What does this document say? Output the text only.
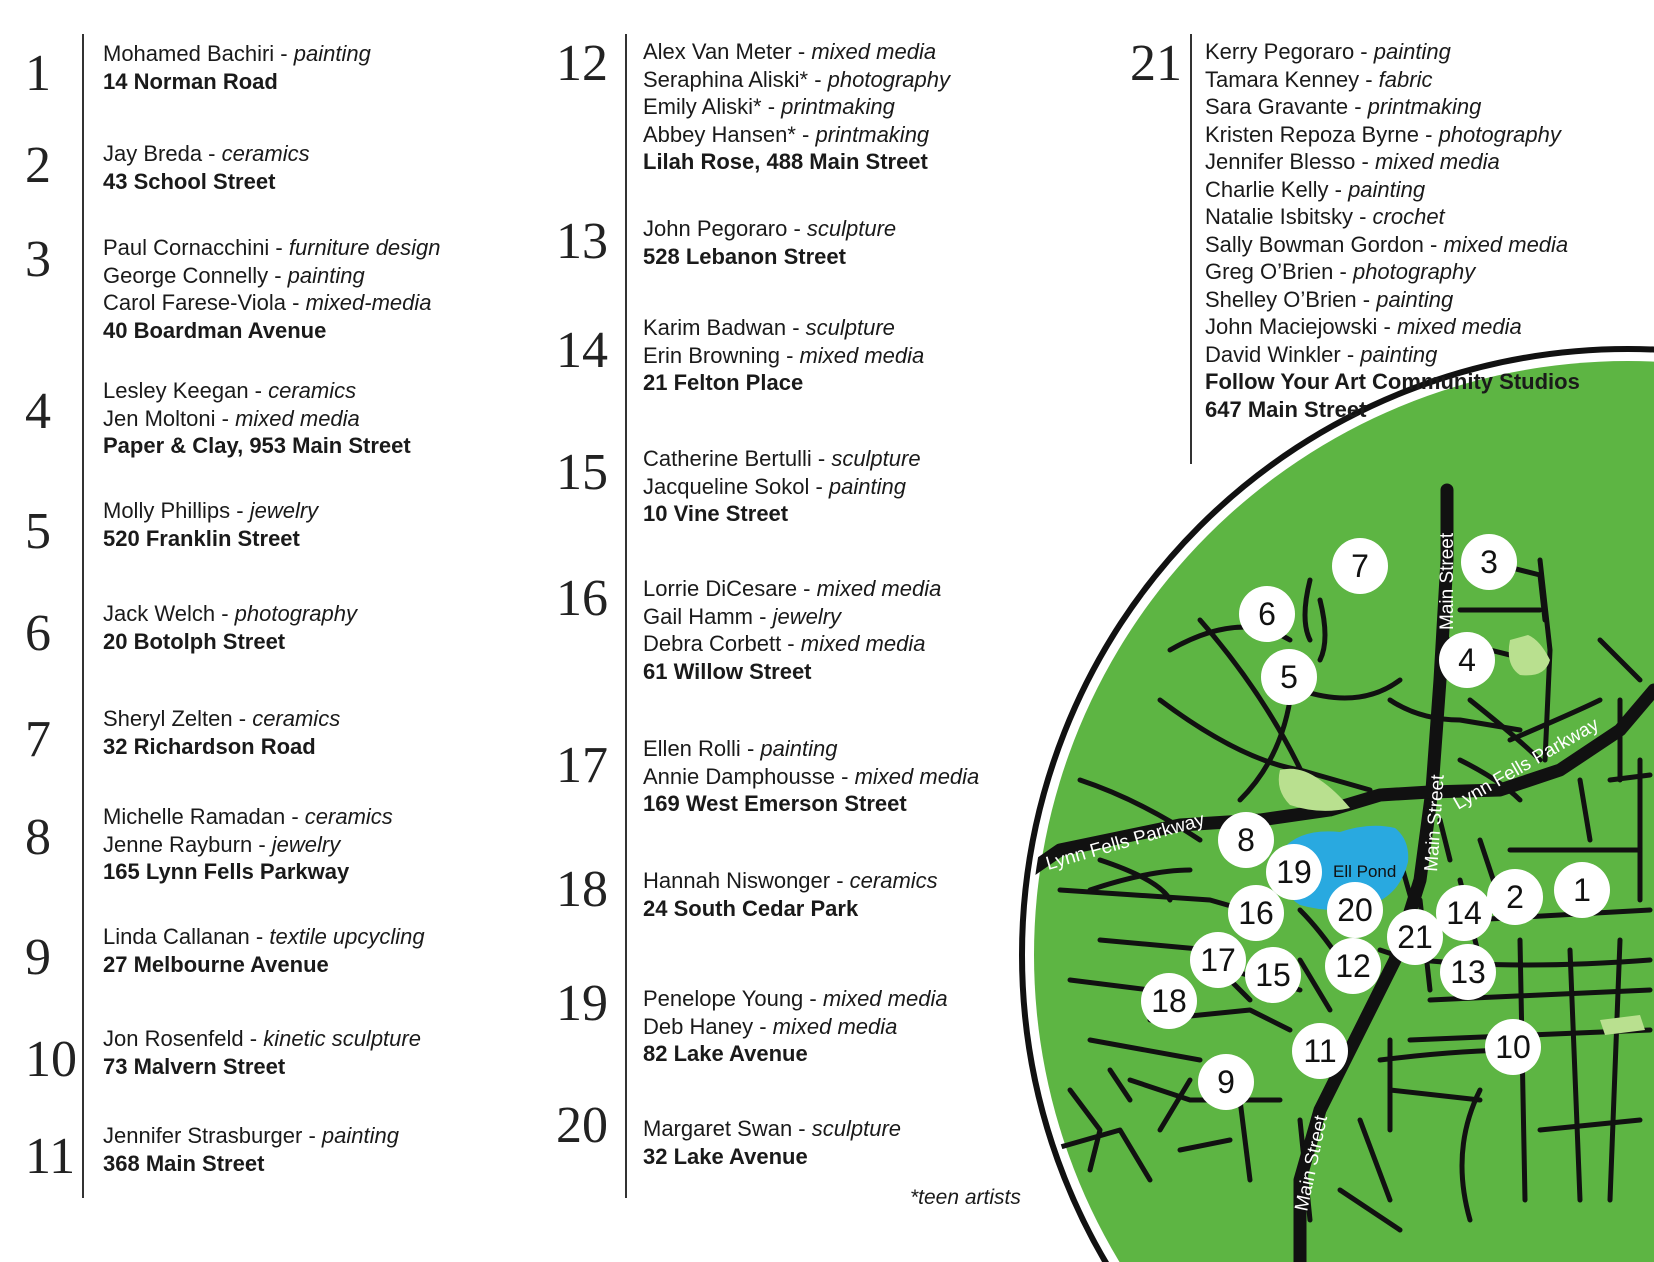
Ell Pond
Main Street
Main Street
Main Street
Lynn Fells Parkway
Lynn Fells Parkway
1
2
3
4
5
6
7
8
9
10
11
12 13
14
15
16
17
18
19
20
21
1 Mohamed Bachiri - painting
14 Norman Road
2 Jay Breda - ceramics
43 School Street
3 Paul Cornacchini - furniture design
George Connelly - painting
Carol Farese-Viola - mixed-media
40 Boardman Avenue
4 Lesley Keegan - ceramics
Jen Moltoni - mixed media
Paper & Clay, 953 Main Street
5 Molly Phillips - jewelry
520 Franklin Street
6 Jack Welch - photography
20 Botolph Street
7 Sheryl Zelten - ceramics
32 Richardson Road
8 Michelle Ramadan - ceramics
Jenne Rayburn - jewelry
165 Lynn Fells Parkway
9 Linda Callanan - textile upcycling
27 Melbourne Avenue
10 Jon Rosenfeld - kinetic sculpture
73 Malvern Street
11 Jennifer Strasburger - painting
368 Main Street
12 Alex Van Meter - mixed media
Seraphina Aliski* - photography
Emily Aliski* - printmaking
Abbey Hansen* - printmaking
Lilah Rose, 488 Main Street
13 John Pegoraro - sculpture
528 Lebanon Street
14 Karim Badwan - sculpture
Erin Browning - mixed media
21 Felton Place
15 Catherine Bertulli - sculpture
Jacqueline Sokol - painting
10 Vine Street
16 Lorrie DiCesare - mixed media
Gail Hamm - jewelry
Debra Corbett - mixed media
61 Willow Street
17 Ellen Rolli - painting
Annie Damphousse - mixed media
169 West Emerson Street
18 Hannah Niswonger - ceramics
24 South Cedar Park
19 Penelope Young - mixed media
Deb Haney - mixed media
82 Lake Avenue
20 Margaret Swan - sculpture
32 Lake Avenue
21 Kerry Pegoraro - painting
Tamara Kenney - fabric
Sara Gravante - printmaking
Kristen Repoza Byrne - photography
Jennifer Blesso - mixed media
Charlie Kelly - painting
Natalie Isbitsky - crochet
Sally Bowman Gordon - mixed media
Greg O’Brien - photography
Shelley O’Brien - painting
John Maciejowski - mixed media
David Winkler - painting
Follow Your Art Community Studios
647 Main Street
*teen artists
